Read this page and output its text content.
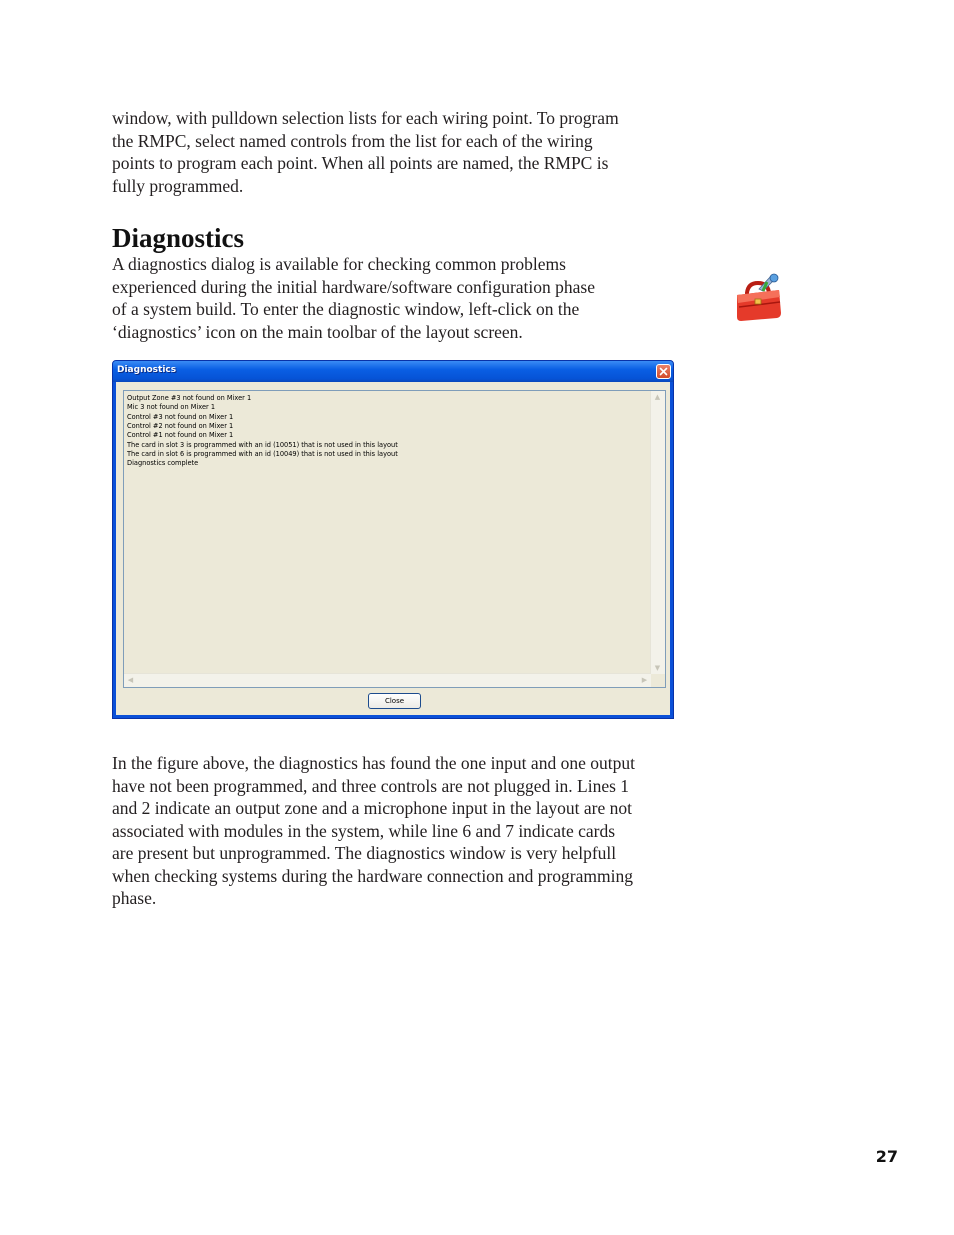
window, with pulldown selection lists for each wiring point. To program
the RMPC, select named controls from the list for each of the wiring
points to program each point. When all points are named, the RMPC is
fully programmed.

Diagnostics

A diagnostics dialog is available for checking common problems
experienced during the initial hardware/software configuration phase
of a system build. To enter the diagnostic window, left-click on the
‘diagnostics’ icon on the main toolbar of the layout screen.

Diagnostics
Output Zone #3 not found on Mixer 1
Mic 3 not found on Mixer 1
Control #3 not found on Mixer 1
Control #2 not found on Mixer 1
Control #1 not found on Mixer 1
The card in slot 3 is programmed with an id (10051) that is not used in this layout
The card in slot 6 is programmed with an id (10049) that is not used in this layout
Diagnostics complete
▲
▼
◀	▶
Close

In the figure above, the diagnostics has found the one input and one output
have not been programmed, and three controls are not plugged in. Lines 1
and 2 indicate an output zone and a microphone input in the layout are not
associated with modules in the system, while line 6 and 7 indicate cards
are present but unprogrammed. The diagnostics window is very helpfull
when checking systems during the hardware connection and programming
phase.

27
